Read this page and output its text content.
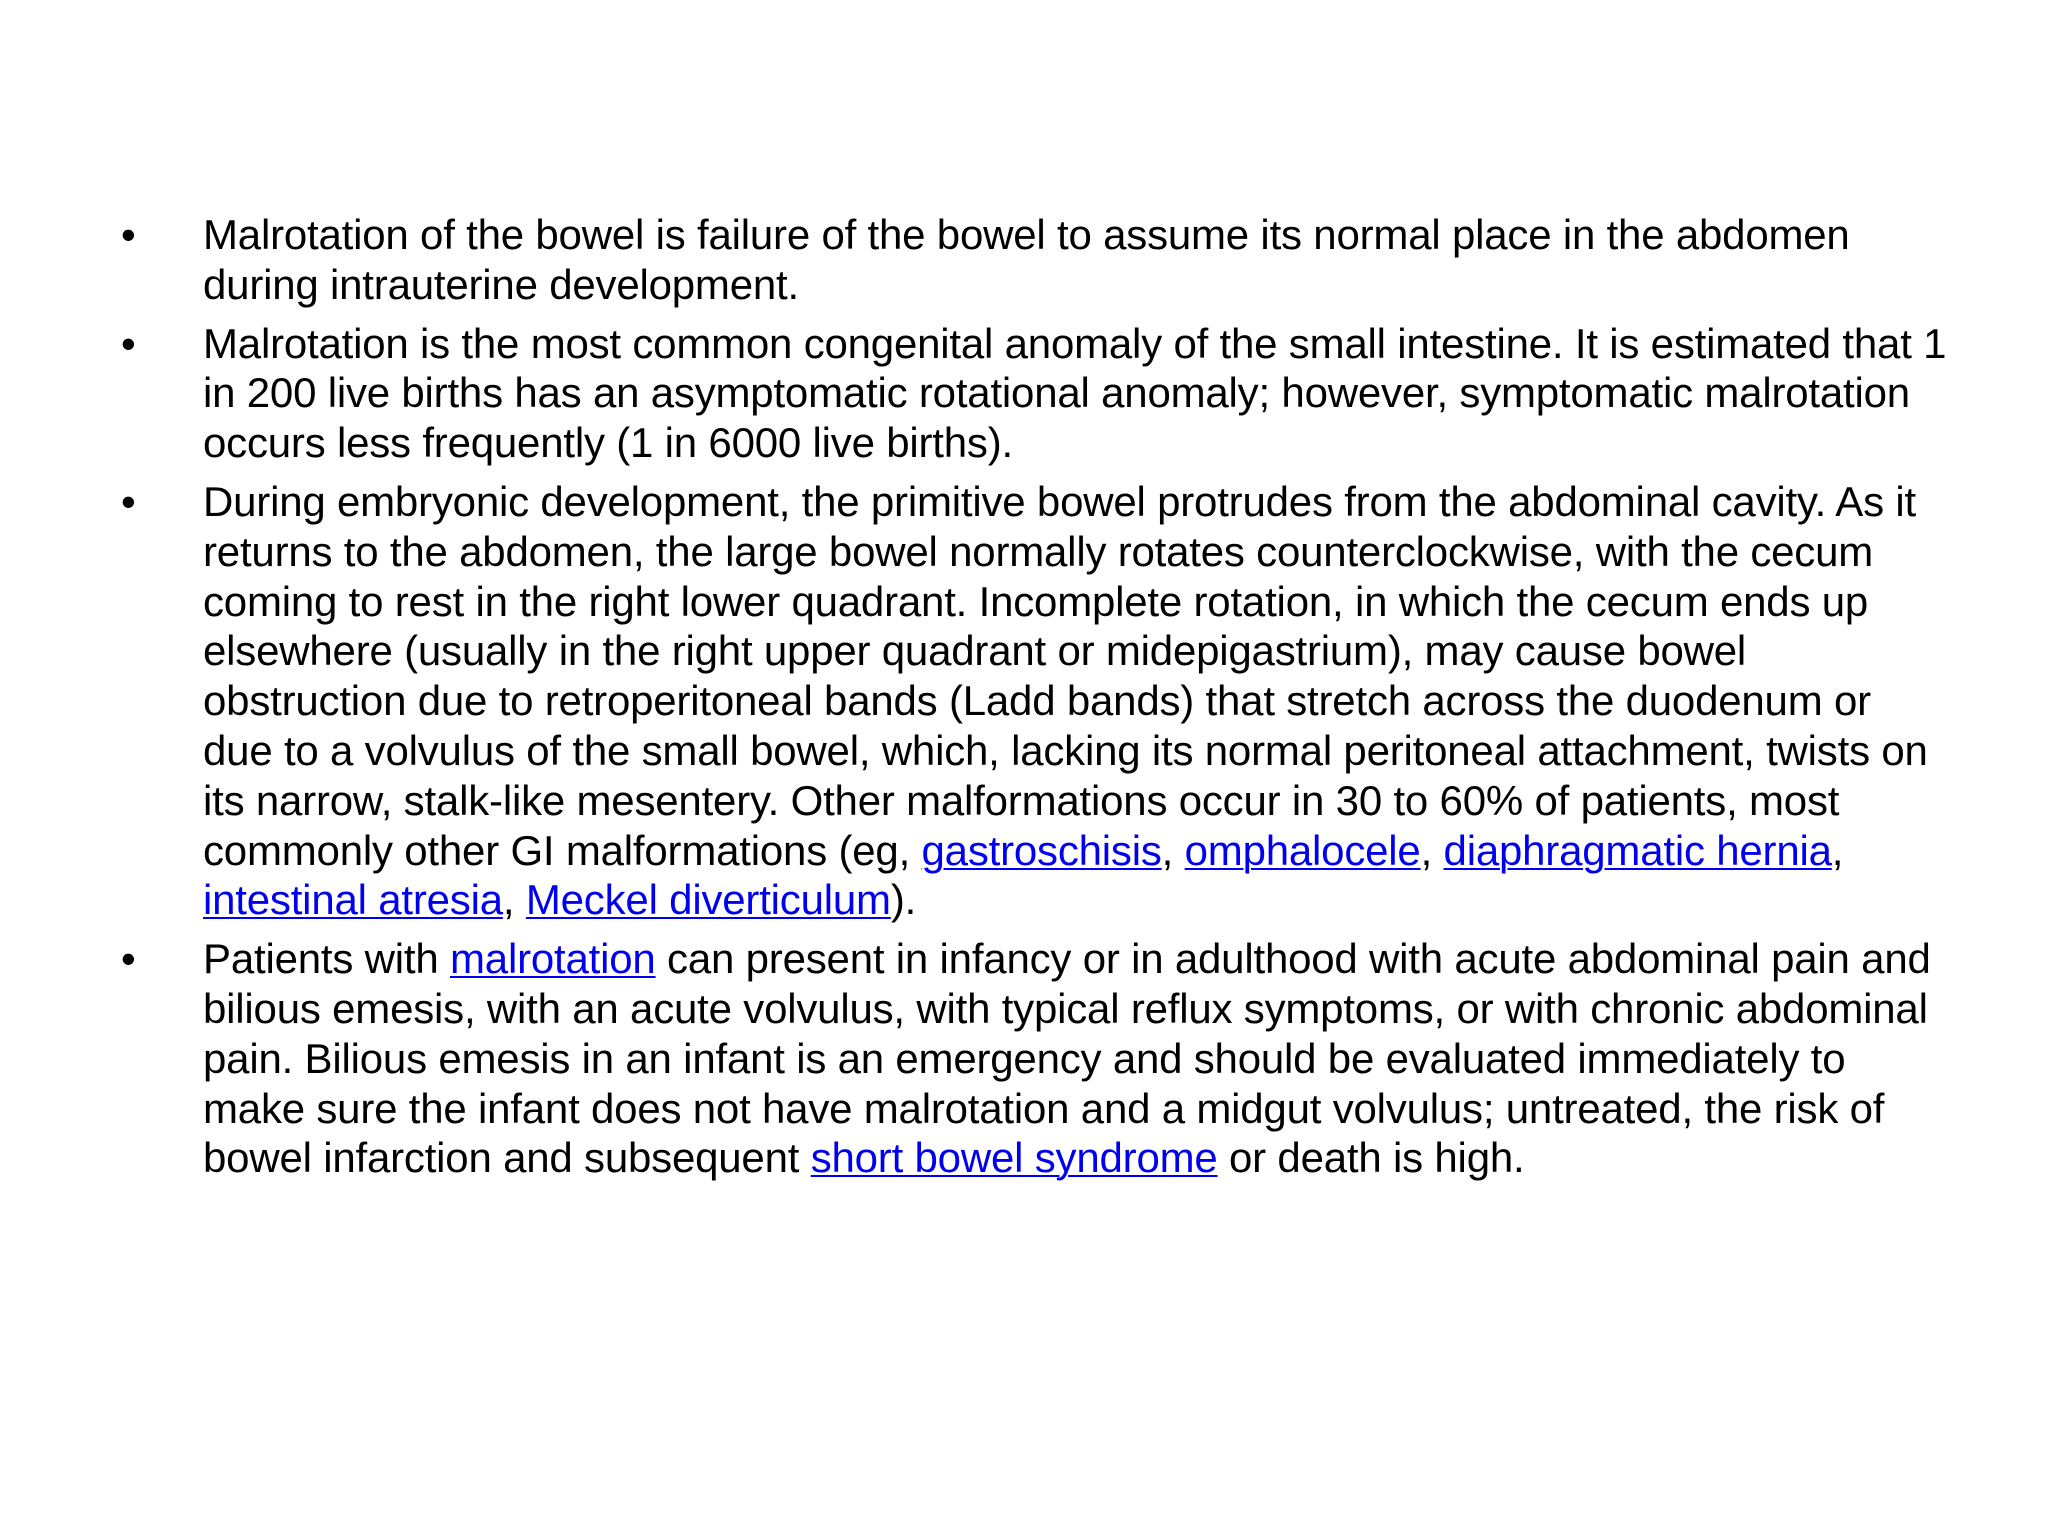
• Malrotation of the bowel is failure of the bowel to assume its normal place in the abdomen during intrauterine development.
• Malrotation is the most common congenital anomaly of the small intestine. It is estimated that 1 in 200 live births has an asymptomatic rotational anomaly; however, symptomatic malrotation occurs less frequently (1 in 6000 live births).
• During embryonic development, the primitive bowel protrudes from the abdominal cavity. As it returns to the abdomen, the large bowel normally rotates counterclockwise, with the cecum coming to rest in the right lower quadrant. Incomplete rotation, in which the cecum ends up elsewhere (usually in the right upper quadrant or midepigastrium), may cause bowel obstruction due to retroperitoneal bands (Ladd bands) that stretch across the duodenum or due to a volvulus of the small bowel, which, lacking its normal peritoneal attachment, twists on its narrow, stalk-like mesentery. Other malformations occur in 30 to 60% of patients, most commonly other GI malformations (eg, gastroschisis, omphalocele, diaphragmatic hernia, intestinal atresia, Meckel diverticulum).
• Patients with malrotation can present in infancy or in adulthood with acute abdominal pain and bilious emesis, with an acute volvulus, with typical reflux symptoms, or with chronic abdominal pain. Bilious emesis in an infant is an emergency and should be evaluated immediately to make sure the infant does not have malrotation and a midgut volvulus; untreated, the risk of bowel infarction and subsequent short bowel syndrome or death is high.
